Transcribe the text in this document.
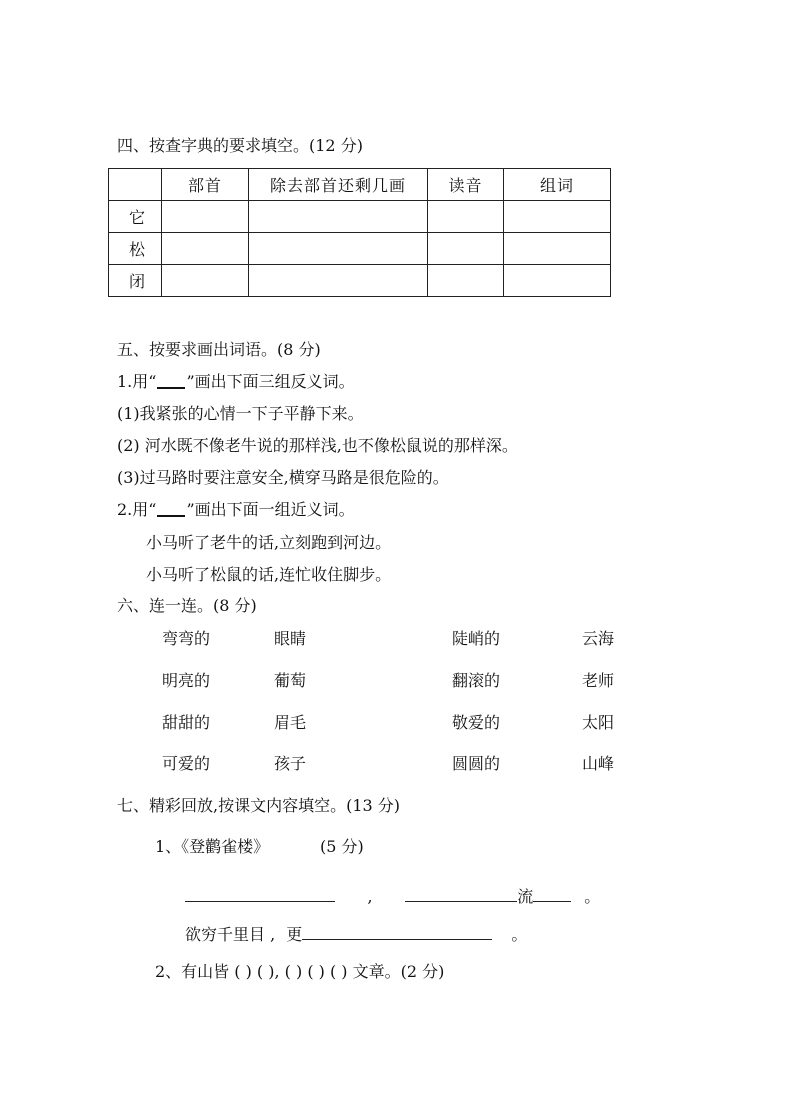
四、按查字典的要求填空。(12 分)
	部首	除去部首还剩几画	读音	组词
它				
松				
闭				
五、按要求画出词语。(8 分)
1.用“ ”画出下面三组反义词。
(1)我紧张的心情一下子平静下来。
(2) 河水既不像老牛说的那样浅,也不像松鼠说的那样深。
(3)过马路时要注意安全,横穿马路是很危险的。
2.用“ ”画出下面一组近义词。
小马听了老牛的话,立刻跑到河边。
小马听了松鼠的话,连忙收住脚步。
六、连一连。(8 分)
弯弯的	眼睛	陡峭的	云海
明亮的	葡萄	翻滚的	老师
甜甜的	眉毛	敬爱的	太阳
可爱的	孩子	圆圆的	山峰
七、精彩回放,按课文内容填空。(13 分)
1、《登鹳雀楼》	(5 分)
,	流	。
欲穷千里目 , 更	。
2、有山皆 ( ) ( ), ( ) ( ) ( ) 文章。(2 分)
